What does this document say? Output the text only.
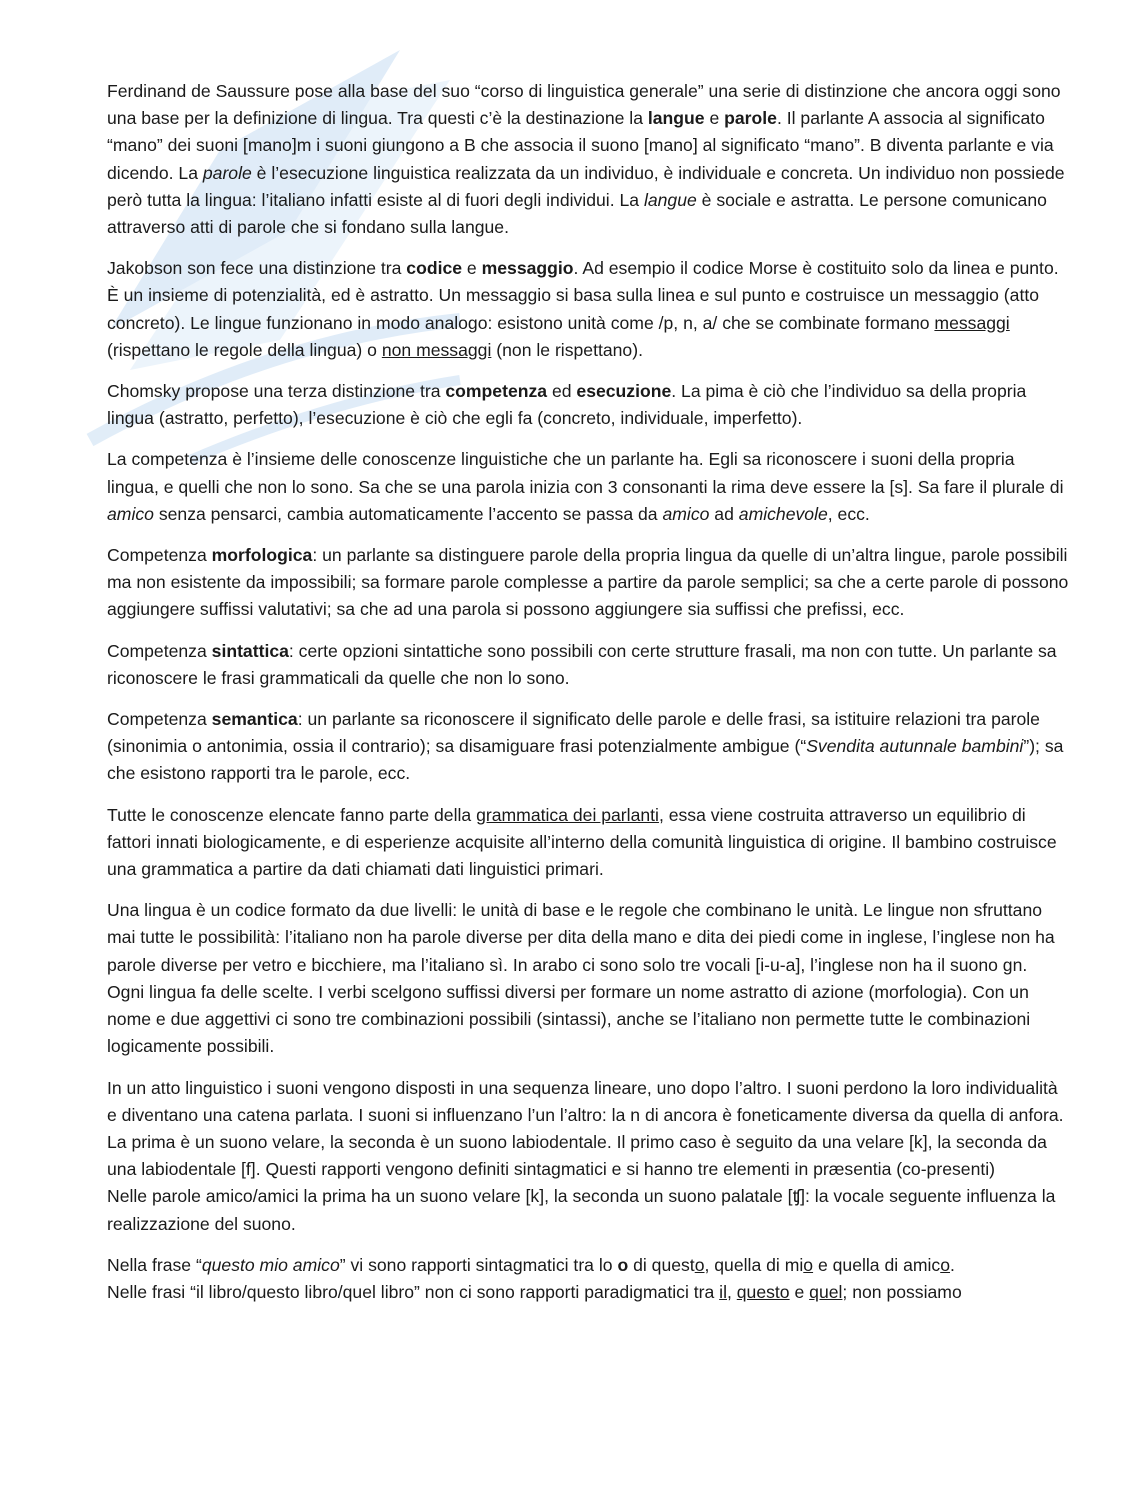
Ferdinand de Saussure pose alla base del suo “corso di linguistica generale” una serie di distinzione che ancora oggi sono una base per la definizione di lingua. Tra questi c’è la destinazione la langue e parole. Il parlante A associa al significato “mano” dei suoni [mano]m i suoni giungono a B che associa il suono [mano] al significato “mano”. B diventa parlante e via dicendo. La parole è l’esecuzione linguistica realizzata da un individuo, è individuale e concreta. Un individuo non possiede però tutta la lingua: l’italiano infatti esiste al di fuori degli individui. La langue è sociale e astratta. Le persone comunicano attraverso atti di parole che si fondano sulla langue.

Jakobson son fece una distinzione tra codice e messaggio. Ad esempio il codice Morse è costituito solo da linea e punto. È un insieme di potenzialità, ed è astratto. Un messaggio si basa sulla linea e sul punto e costruisce un messaggio (atto concreto). Le lingue funzionano in modo analogo: esistono unità come /p, n, a/ che se combinate formano messaggi (rispettano le regole della lingua) o non messaggi (non le rispettano).

Chomsky propose una terza distinzione tra competenza ed esecuzione. La pima è ciò che l’individuo sa della propria lingua (astratto, perfetto), l’esecuzione è ciò che egli fa (concreto, individuale, imperfetto).

La competenza è l’insieme delle conoscenze linguistiche che un parlante ha. Egli sa riconoscere i suoni della propria lingua, e quelli che non lo sono. Sa che se una parola inizia con 3 consonanti la rima deve essere la [s]. Sa fare il plurale di amico senza pensarci, cambia automaticamente l’accento se passa da amico ad amichevole, ecc.

Competenza morfologica: un parlante sa distinguere parole della propria lingua da quelle di un’altra lingue, parole possibili ma non esistente da impossibili; sa formare parole complesse a partire da parole semplici; sa che a certe parole di possono aggiungere suffissi valutativi; sa che ad una parola si possono aggiungere sia suffissi che prefissi, ecc.

Competenza sintattica: certe opzioni sintattiche sono possibili con certe strutture frasali, ma non con tutte. Un parlante sa riconoscere le frasi grammaticali da quelle che non lo sono.

Competenza semantica: un parlante sa riconoscere il significato delle parole e delle frasi, sa istituire relazioni tra parole (sinonimia o antonimia, ossia il contrario); sa disamiguare frasi potenzialmente ambigue (“Svendita autunnale bambini”); sa che esistono rapporti tra le parole, ecc.

Tutte le conoscenze elencate fanno parte della grammatica dei parlanti, essa viene costruita attraverso un equilibrio di fattori innati biologicamente, e di esperienze acquisite all’interno della comunità linguistica di origine. Il bambino costruisce una grammatica a partire da dati chiamati dati linguistici primari.

Una lingua è un codice formato da due livelli: le unità di base e le regole che combinano le unità. Le lingue non sfruttano mai tutte le possibilità: l’italiano non ha parole diverse per dita della mano e dita dei piedi come in inglese, l’inglese non ha parole diverse per vetro e bicchiere, ma l’italiano sì. In arabo ci sono solo tre vocali [i-u-a], l’inglese non ha il suono gn. Ogni lingua fa delle scelte. I verbi scelgono suffissi diversi per formare un nome astratto di azione (morfologia). Con un nome e due aggettivi ci sono tre combinazioni possibili (sintassi), anche se l’italiano non permette tutte le combinazioni logicamente possibili.

In un atto linguistico i suoni vengono disposti in una sequenza lineare, uno dopo l’altro. I suoni perdono la loro individualità e diventano una catena parlata. I suoni si influenzano l’un l’altro: la n di ancora è foneticamente diversa da quella di anfora. La prima è un suono velare, la seconda è un suono labiodentale. Il primo caso è seguito da una velare [k], la seconda da una labiodentale [f]. Questi rapporti vengono definiti sintagmatici e si hanno tre elementi in præsentia (co-presenti)

Nelle parole amico/amici la prima ha un suono velare [k], la seconda un suono palatale [ʧ]: la vocale seguente influenza la realizzazione del suono.

Nella frase “questo mio amico” vi sono rapporti sintagmatici tra lo o di questo, quella di mio e quella di amico.

Nelle frasi “il libro/questo libro/quel libro” non ci sono rapporti paradigmatici tra il, questo e quel; non possiamo
